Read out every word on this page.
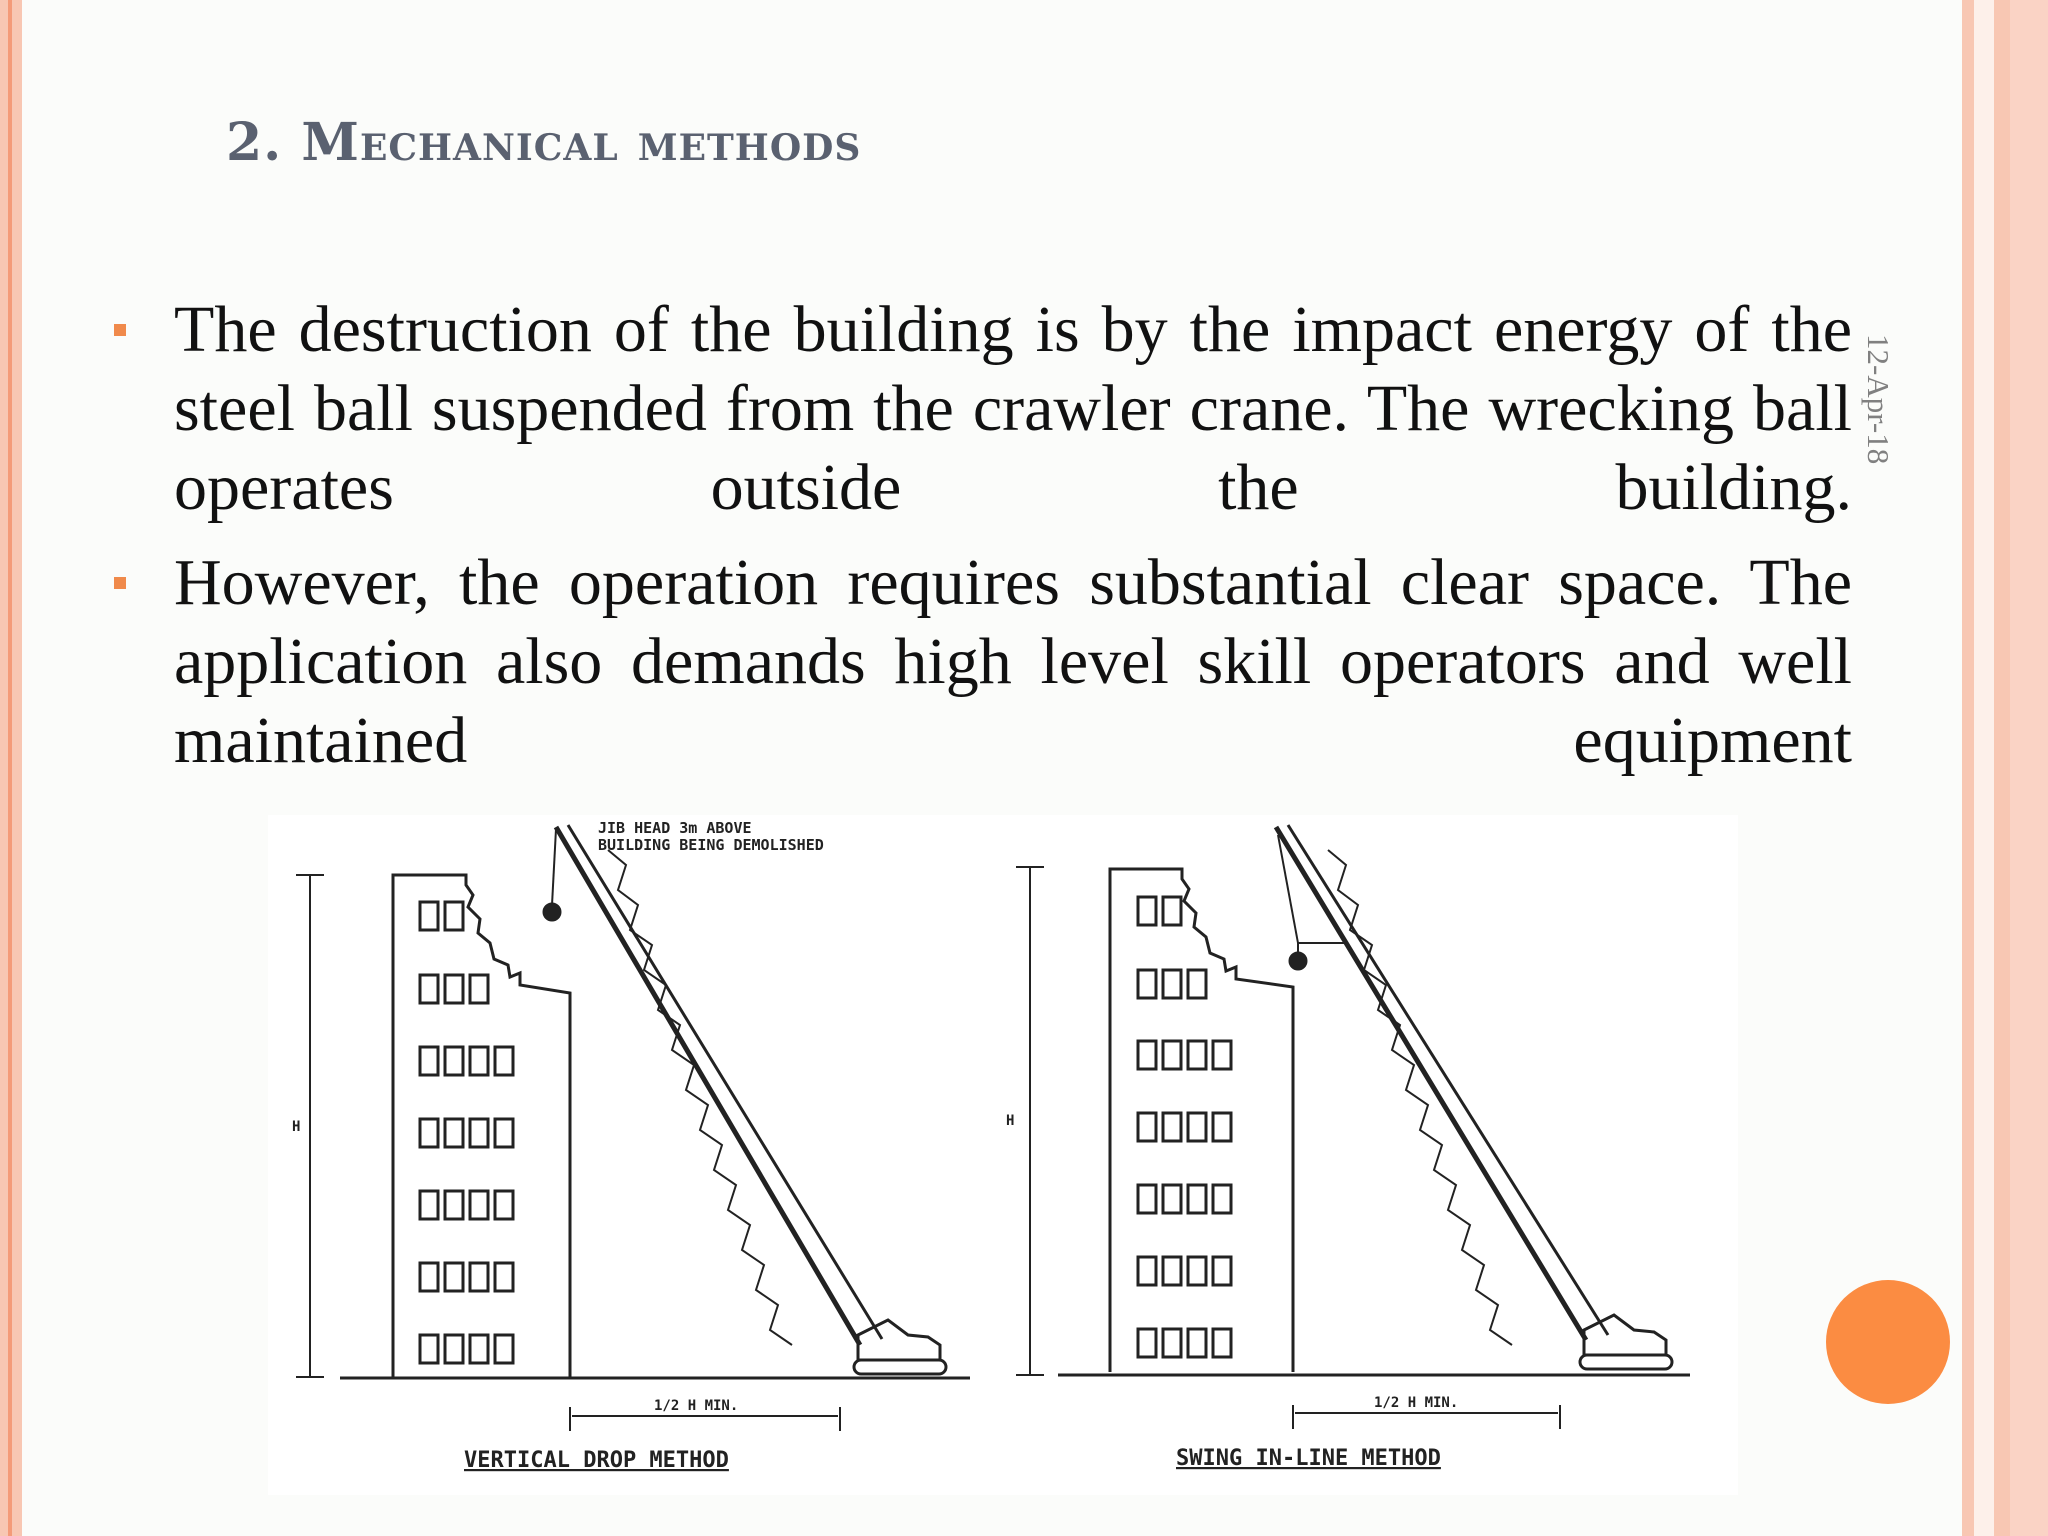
2. Mechanical methods
12-Apr-18
The destruction of the building is by the impact energy of the steel ball suspended from the crawler crane. The wrecking ball operates outside the building.
However, the operation requires substantial clear space. The application also demands high level skill operators and well maintained equipment
JIB HEAD 3m ABOVE
BUILDING BEING DEMOLISHED
H
1/2 H MIN.
VERTICAL DROP METHOD
H
1/2 H MIN.
SWING IN-LINE METHOD
